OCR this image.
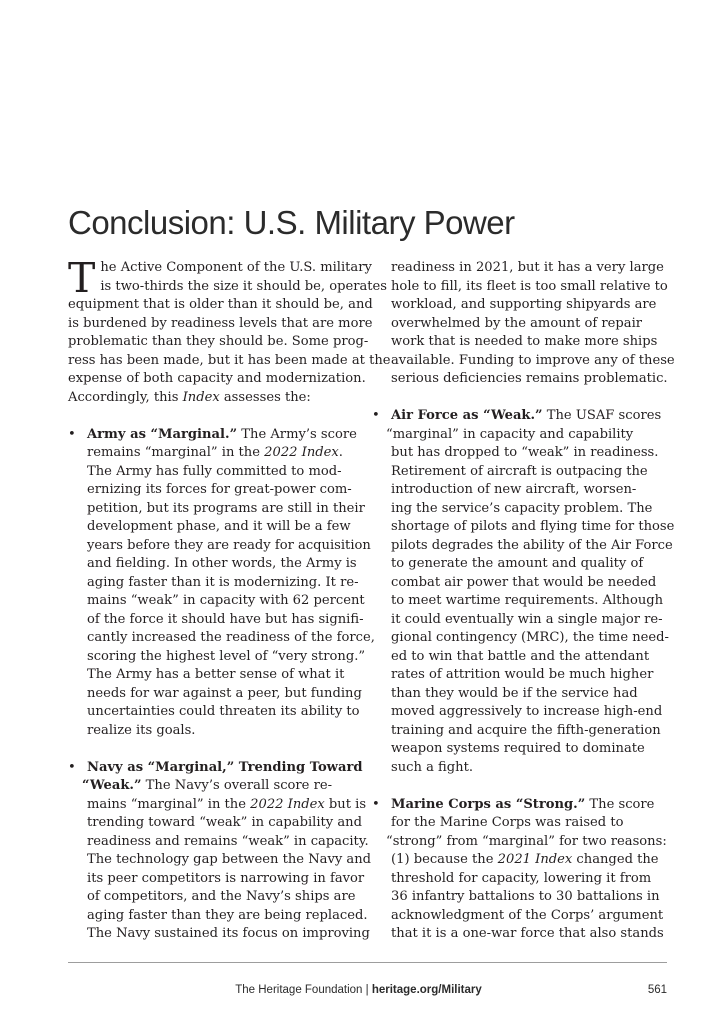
Conclusion: U.S. Military Power
T he Active Component of the U.S. military
is two-thirds the size it should be, operates
equipment that is older than it should be, and
is burdened by readiness levels that are more
problematic than they should be. Some prog-
ress has been made, but it has been made at the
expense of both capacity and modernization.
Accordingly, this Index assesses the:
• Army as “Marginal.” The Army’s score
remains “marginal” in the 2022 Index.
The Army has fully committed to mod-
ernizing its forces for great-power com-
petition, but its programs are still in their
development phase, and it will be a few
years before they are ready for acquisition
and fielding. In other words, the Army is
aging faster than it is modernizing. It re-
mains “weak” in capacity with 62 percent
of the force it should have but has signifi-
cantly increased the readiness of the force,
scoring the highest level of “very strong.”
The Army has a better sense of what it
needs for war against a peer, but funding
uncertainties could threaten its ability to
realize its goals.
• Navy as “Marginal,” Trending Toward
“Weak.” The Navy’s overall score re-
mains “marginal” in the 2022 Index but is
trending toward “weak” in capability and
readiness and remains “weak” in capacity.
The technology gap between the Navy and
its peer competitors is narrowing in favor
of competitors, and the Navy’s ships are
aging faster than they are being replaced.
The Navy sustained its focus on improving
readiness in 2021, but it has a very large
hole to fill, its fleet is too small relative to
workload, and supporting shipyards are
overwhelmed by the amount of repair
work that is needed to make more ships
available. Funding to improve any of these
serious deficiencies remains problematic.
• Air Force as “Weak.” The USAF scores
“marginal” in capacity and capability
but has dropped to “weak” in readiness.
Retirement of aircraft is outpacing the
introduction of new aircraft, worsen-
ing the service’s capacity problem. The
shortage of pilots and flying time for those
pilots degrades the ability of the Air Force
to generate the amount and quality of
combat air power that would be needed
to meet wartime requirements. Although
it could eventually win a single major re-
gional contingency (MRC), the time need-
ed to win that battle and the attendant
rates of attrition would be much higher
than they would be if the service had
moved aggressively to increase high-end
training and acquire the fifth-generation
weapon systems required to dominate
such a fight.
• Marine Corps as “Strong.” The score
for the Marine Corps was raised to
“strong” from “marginal” for two reasons:
(1) because the 2021 Index changed the
threshold for capacity, lowering it from
36 infantry battalions to 30 battalions in
acknowledgment of the Corps’ argument
that it is a one-war force that also stands
The Heritage Foundation | heritage.org/Military	561
